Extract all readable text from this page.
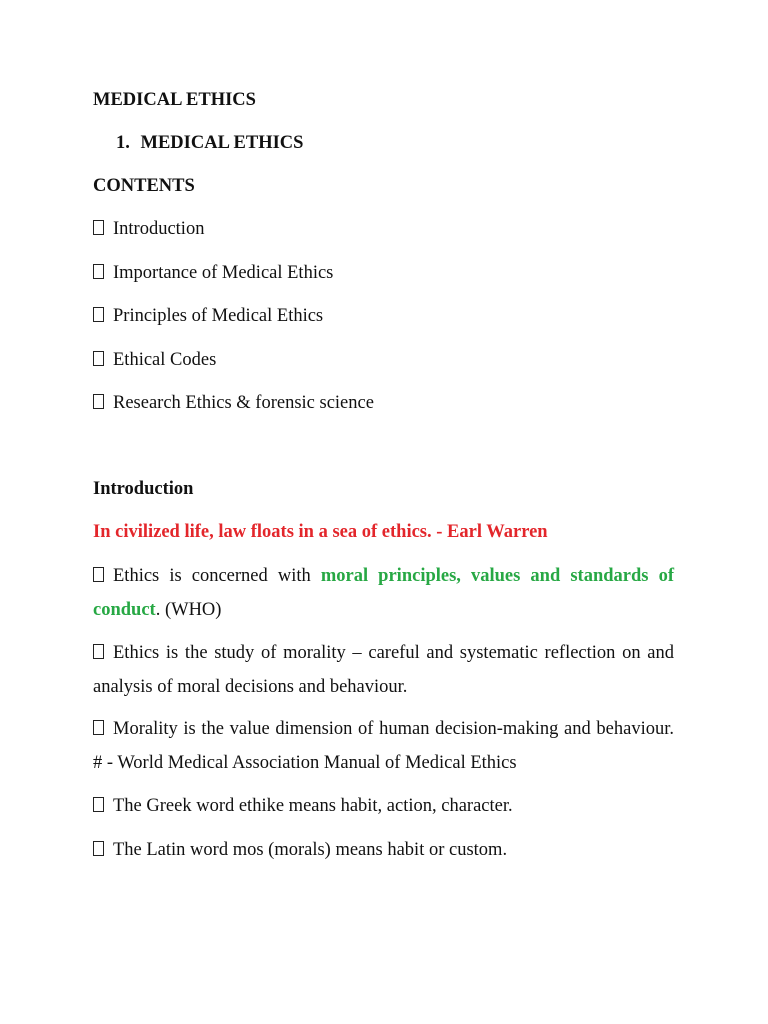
MEDICAL ETHICS
1. MEDICAL ETHICS
CONTENTS
Introduction
Importance of Medical Ethics
Principles of Medical Ethics
Ethical Codes
Research Ethics & forensic science
Introduction
In civilized life, law floats in a sea of ethics. - Earl Warren
Ethics is concerned with moral principles, values and standards of conduct. (WHO)
Ethics is the study of morality – careful and systematic reflection on and analysis of moral decisions and behaviour.
Morality is the value dimension of human decision-making and behaviour. # - World Medical Association Manual of Medical Ethics
The Greek word ethike means habit, action, character.
The Latin word mos (morals) means habit or custom.
